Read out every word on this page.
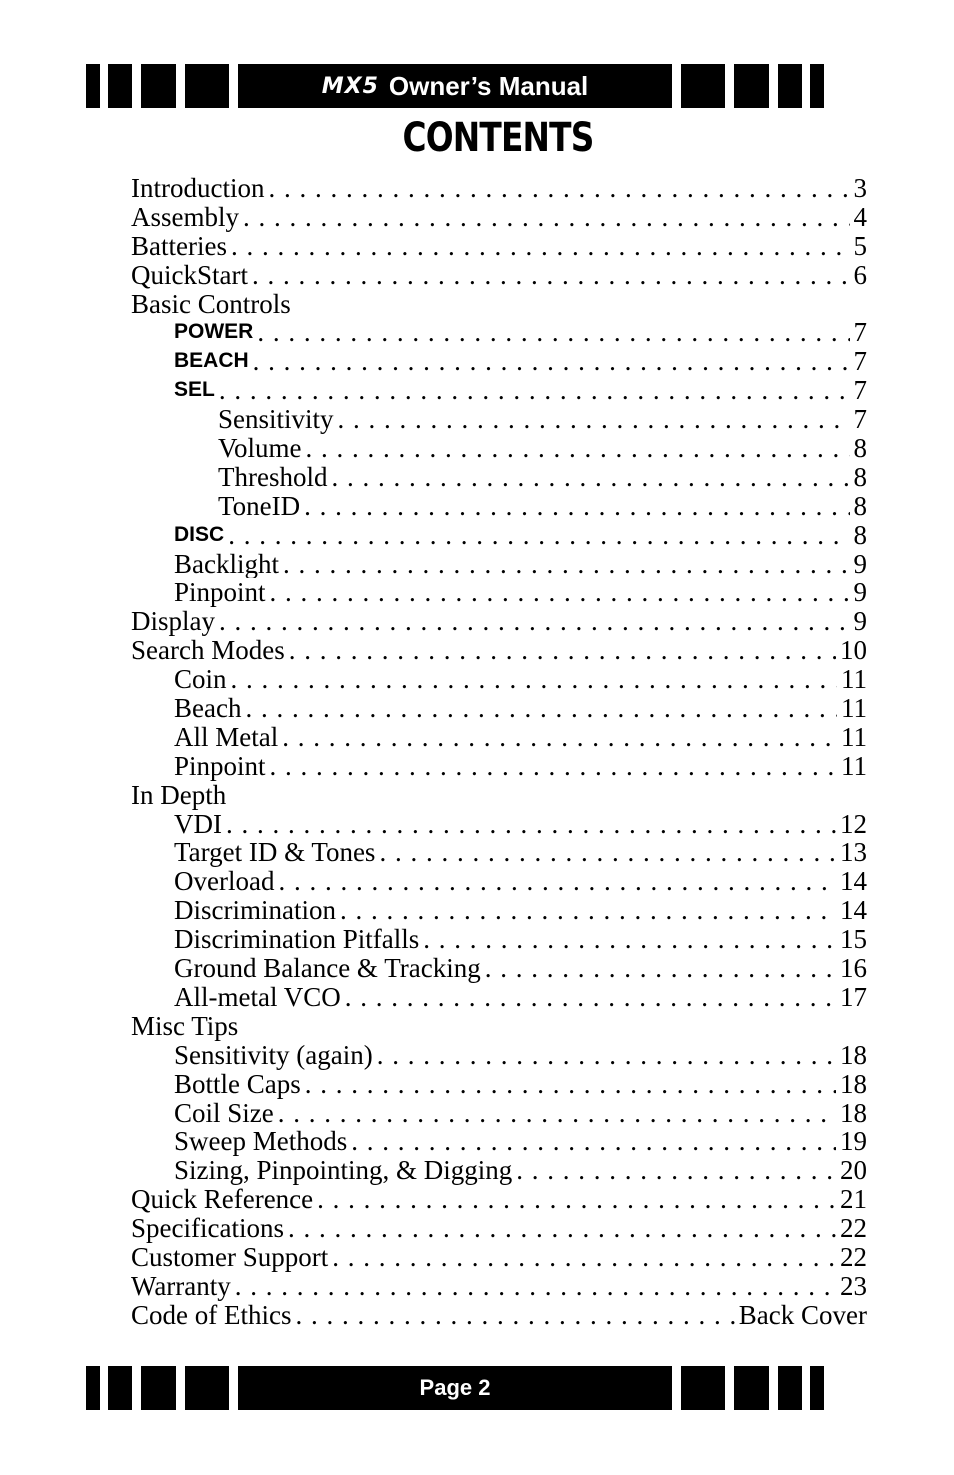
MX5 Owner’s Manual
CONTENTS
Introduction . . .	3
Assembly . . .	4
Batteries . . .	5
QuickStart . . .	6
Basic Controls
POWER . . .	7
BEACH . . .	7
SEL . . .	7
Sensitivity . . .	7
Volume . . .	8
Threshold . . .	8
ToneID . . .	8
DISC . . .	8
Backlight . . .	9
Pinpoint . . .	9
Display . . .	9
Search Modes . . .	10
Coin . . .	11
Beach . . .	11
All Metal . . .	11
Pinpoint . . .	11
In Depth
VDI . . .	12
Target ID & Tones . . .	13
Overload . . .	14
Discrimination . . .	14
Discrimination Pitfalls . . .	15
Ground Balance & Tracking . . .	16
All-metal VCO . . .	17
Misc Tips
Sensitivity (again) . . .	18
Bottle Caps . . .	18
Coil Size . . .	18
Sweep Methods . . .	19
Sizing, Pinpointing, & Digging . . .	20
Quick Reference . . .	21
Specifications . . .	22
Customer Support . . .	22
Warranty . . .	23
Code of Ethics . . .	Back Cover
Page 2
